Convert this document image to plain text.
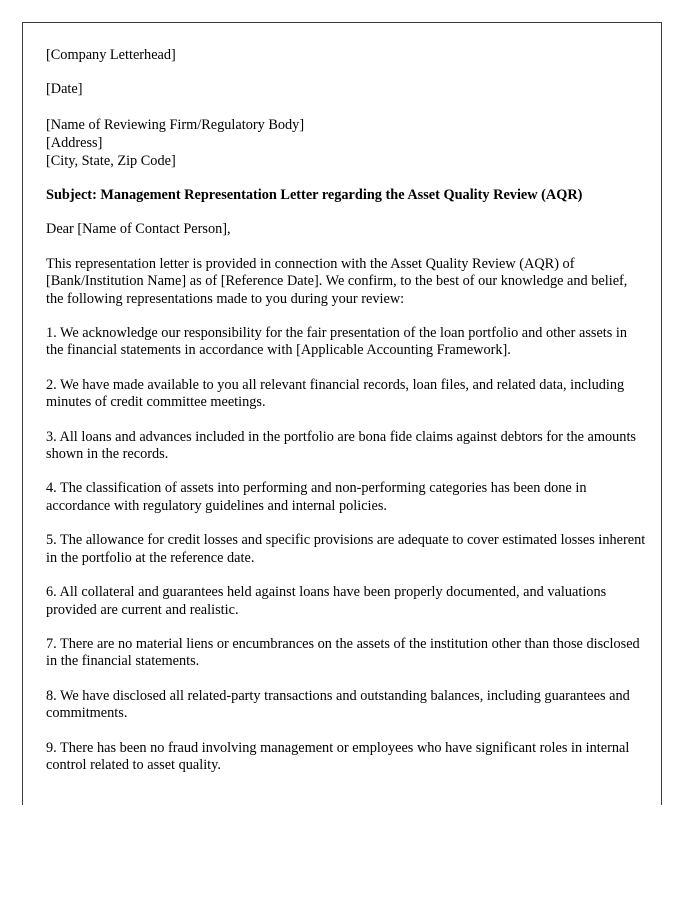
[Company Letterhead]

[Date]

[Name of Reviewing Firm/Regulatory Body]

[Address]

[City, State, Zip Code]

Subject: Management Representation Letter regarding the Asset Quality Review (AQR)

Dear [Name of Contact Person],

This representation letter is provided in connection with the Asset Quality Review (AQR) of [Bank/Institution Name] as of [Reference Date]. We confirm, to the best of our knowledge and belief, the following representations made to you during your review:

1. We acknowledge our responsibility for the fair presentation of the loan portfolio and other assets in the financial statements in accordance with [Applicable Accounting Framework].

2. We have made available to you all relevant financial records, loan files, and related data, including minutes of credit committee meetings.

3. All loans and advances included in the portfolio are bona fide claims against debtors for the amounts shown in the records.

4. The classification of assets into performing and non-performing categories has been done in accordance with regulatory guidelines and internal policies.

5. The allowance for credit losses and specific provisions are adequate to cover estimated losses inherent in the portfolio at the reference date.

6. All collateral and guarantees held against loans have been properly documented, and valuations provided are current and realistic.

7. There are no material liens or encumbrances on the assets of the institution other than those disclosed in the financial statements.

8. We have disclosed all related-party transactions and outstanding balances, including guarantees and commitments.

9. There has been no fraud involving management or employees who have significant roles in internal control related to asset quality.
